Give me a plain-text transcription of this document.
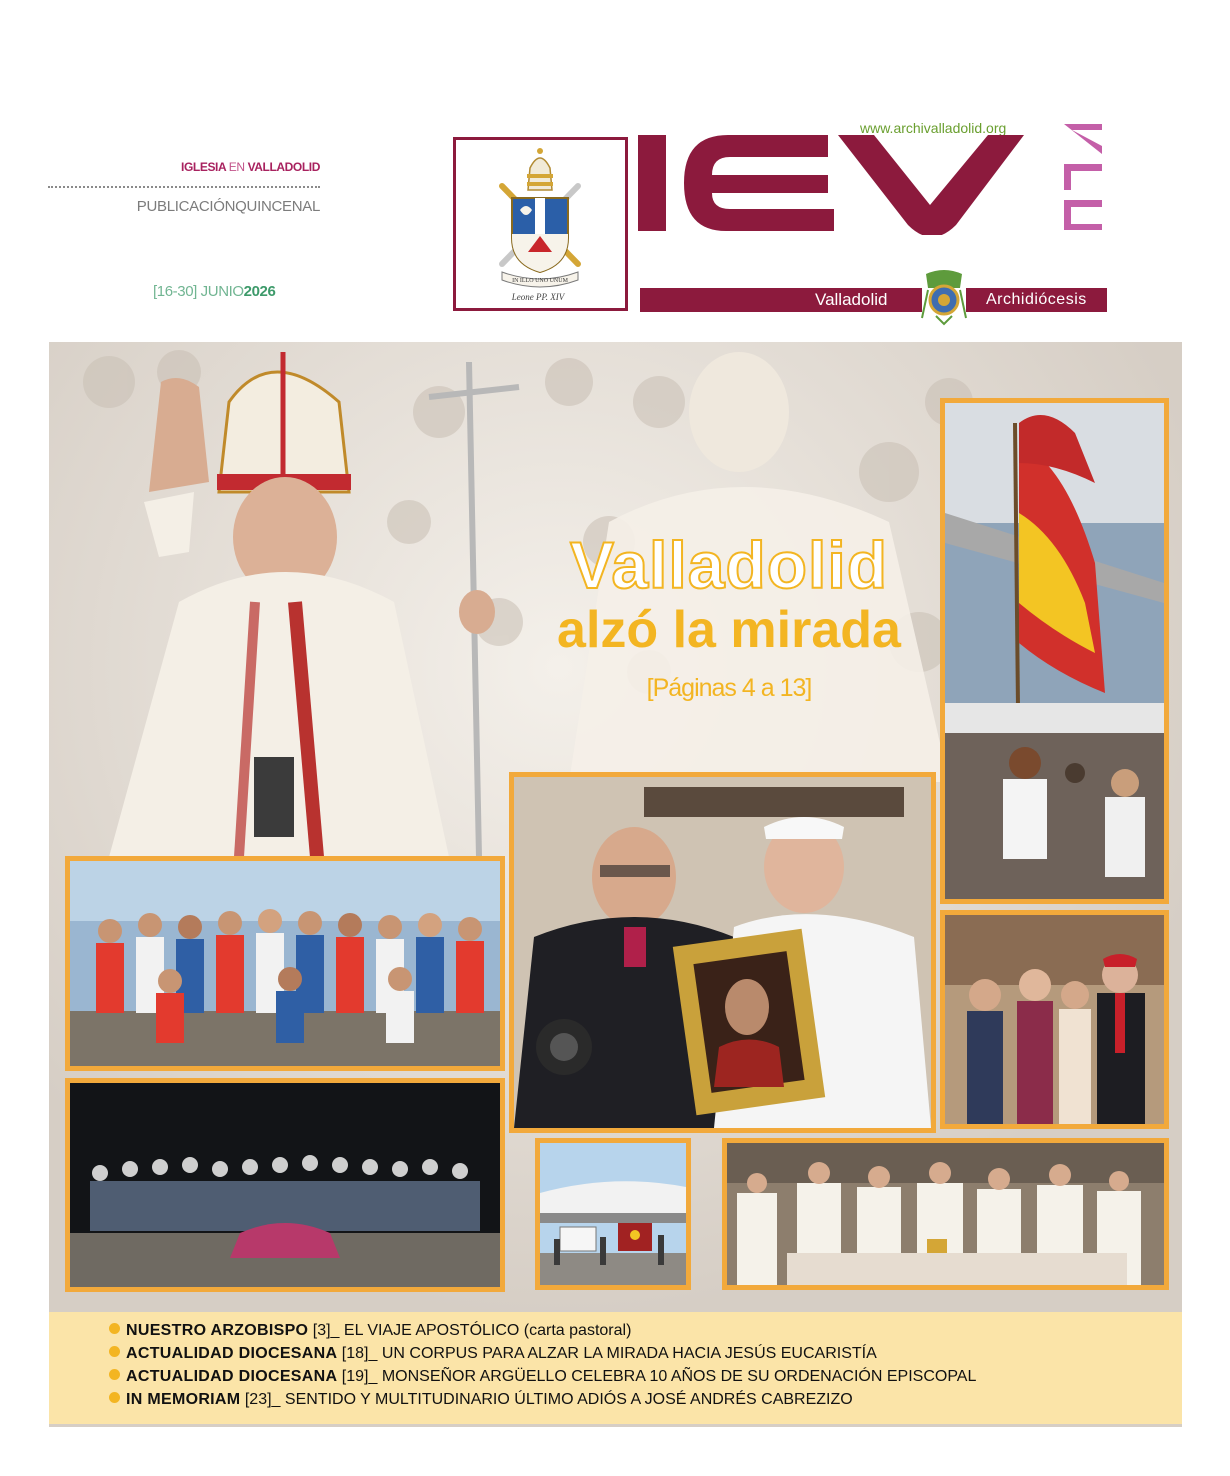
IGLESIA EN VALLADOLID
PUBLICACIÓNQUINCENAL
[16-30] JUNIO2026
IN ILLO UNO UNUM
Leone PP. XIV
www.archivalladolid.org
Valladolid	Archidiócesis
Valladolid
alzó la mirada
[Páginas 4 a 13]
NUESTRO ARZOBISPO [3]_ EL VIAJE APOSTÓLICO (carta pastoral)
ACTUALIDAD DIOCESANA [18]_ UN CORPUS PARA ALZAR LA MIRADA HACIA JESÚS EUCARISTÍA
ACTUALIDAD DIOCESANA [19]_ MONSEÑOR ARGÜELLO CELEBRA 10 AÑOS DE SU ORDENACIÓN EPISCOPAL
IN MEMORIAM [23]_ SENTIDO Y MULTITUDINARIO ÚLTIMO ADIÓS A JOSÉ ANDRÉS CABREZIZO
